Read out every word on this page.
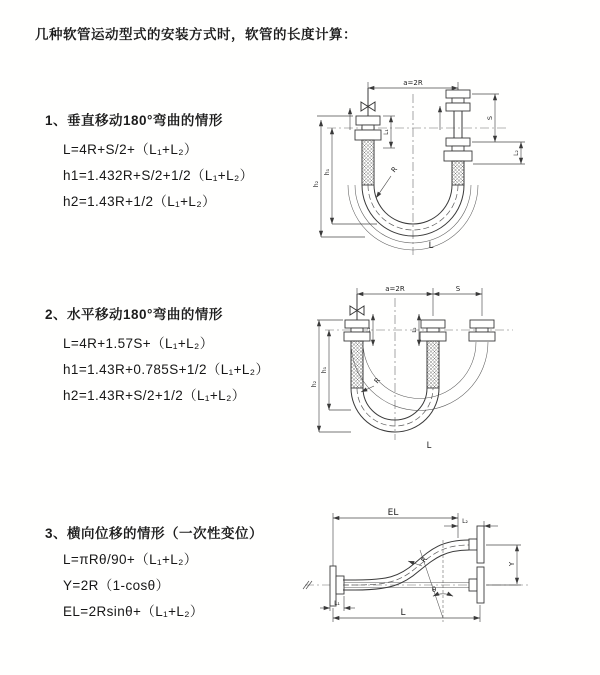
几种软管运动型式的安装方式时，软管的长度计算：
1、垂直移动180°弯曲的情形
L=4R+S/2+（L₁+L₂）
h1=1.432R+S/2+1/2（L₁+L₂）
h2=1.43R+1/2（L₁+L₂）
2、水平移动180°弯曲的情形
L=4R+1.57S+（L₁+L₂）
h1=1.43R+0.785S+1/2（L₁+L₂）
h2=1.43R+S/2+1/2（L₁+L₂）
3、横向位移的情形（一次性变位）
L=πRθ/90+（L₁+L₂）
Y=2R（1-cosθ）
EL=2Rsinθ+（L₁+L₂）
a=2R
S
L₂
L₁
h₁
h₂
R
L
a=2R	S
L₁	L₂
h₁
h₂	R
L
EL
L₂
θ
R	Y
L₁
L
